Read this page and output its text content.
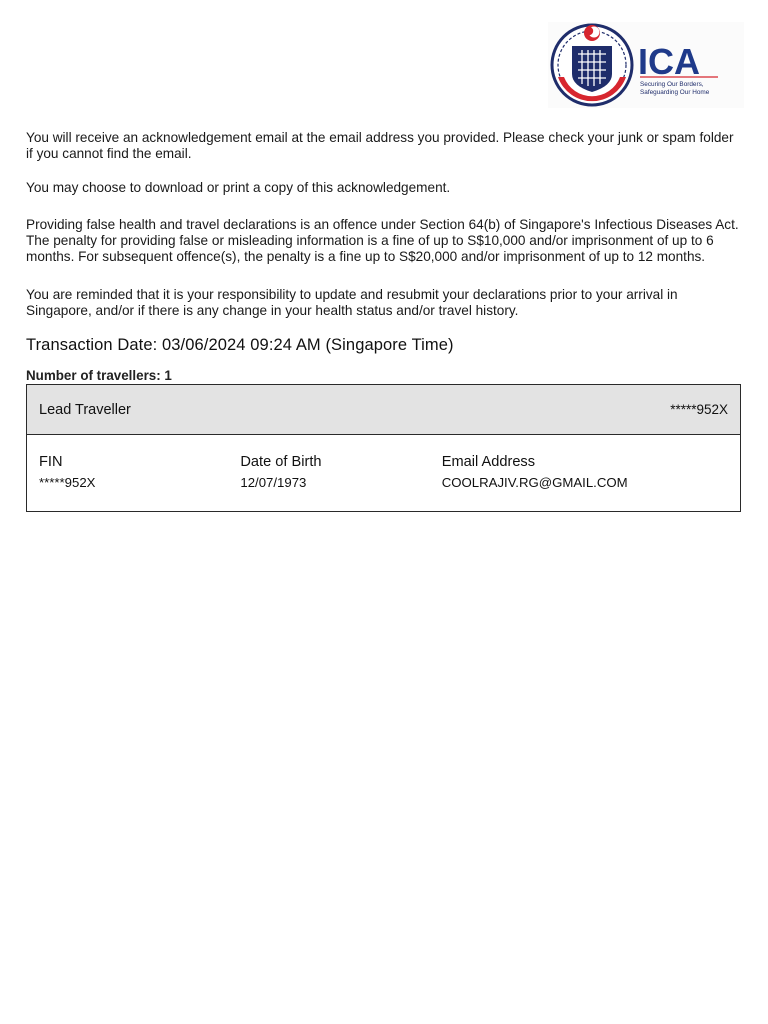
ICA
Securing Our Borders,
Safeguarding Our Home

You will receive an acknowledgement email at the email address you provided. Please check your junk or spam folder if you cannot find the email.

You may choose to download or print a copy of this acknowledgement.

Providing false health and travel declarations is an offence under Section 64(b) of Singapore's Infectious Diseases Act. The penalty for providing false or misleading information is a fine of up to S$10,000 and/or imprisonment of up to 6 months. For subsequent offence(s), the penalty is a fine up to S$20,000 and/or imprisonment of up to 12 months.

You are reminded that it is your responsibility to update and resubmit your declarations prior to your arrival in Singapore, and/or if there is any change in your health status and/or travel history.

Transaction Date: 03/06/2024 09:24 AM (Singapore Time)
Number of travellers: 1
Lead Traveller	*****952X
FIN
*****952X
Date of Birth
12/07/1973
Email Address
COOLRAJIV.RG@GMAIL.COM
